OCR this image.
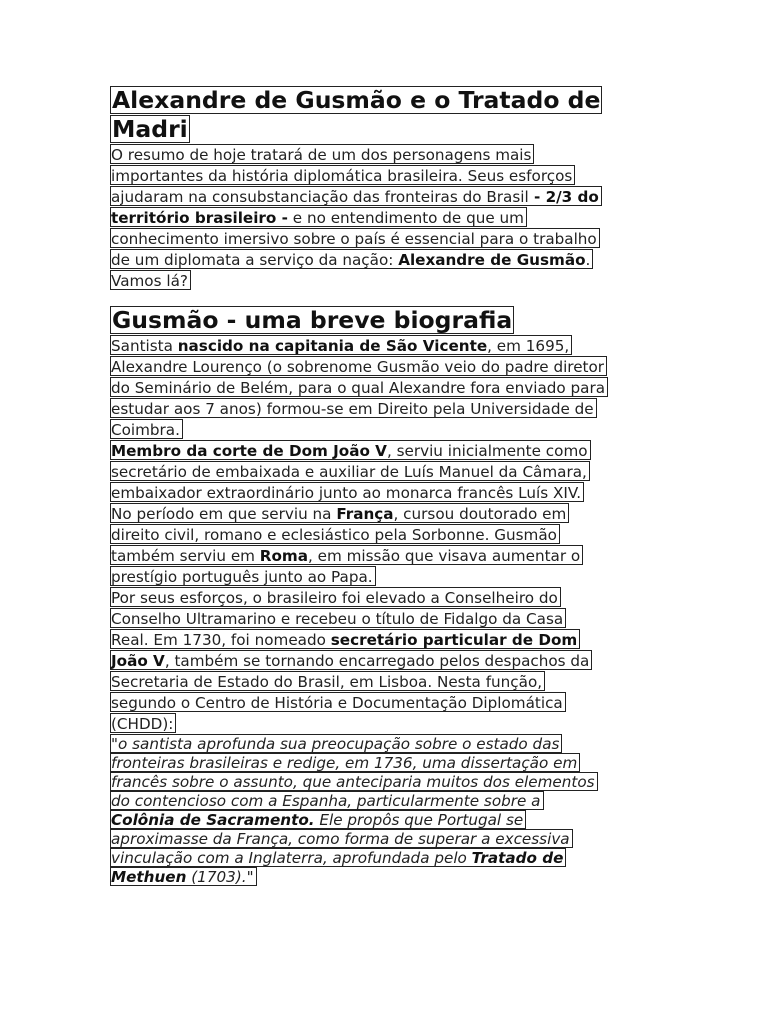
Alexandre de Gusmão e o Tratado de
Madri
O resumo de hoje tratará de um dos personagens mais
importantes da história diplomática brasileira. Seus esforços
ajudaram na consubstanciação das fronteiras do Brasil - 2/3 do
território brasileiro - e no entendimento de que um
conhecimento imersivo sobre o país é essencial para o trabalho
de um diplomata a serviço da nação: Alexandre de Gusmão.
Vamos lá?
Gusmão - uma breve biografia
Santista nascido na capitania de São Vicente, em 1695,
Alexandre Lourenço (o sobrenome Gusmão veio do padre diretor
do Seminário de Belém, para o qual Alexandre fora enviado para
estudar aos 7 anos) formou-se em Direito pela Universidade de
Coimbra.
Membro da corte de Dom João V, serviu inicialmente como
secretário de embaixada e auxiliar de Luís Manuel da Câmara,
embaixador extraordinário junto ao monarca francês Luís XIV.
No período em que serviu na França, cursou doutorado em
direito civil, romano e eclesiástico pela Sorbonne. Gusmão
também serviu em Roma, em missão que visava aumentar o
prestígio português junto ao Papa.
Por seus esforços, o brasileiro foi elevado a Conselheiro do
Conselho Ultramarino e recebeu o título de Fidalgo da Casa
Real. Em 1730, foi nomeado secretário particular de Dom
João V, também se tornando encarregado pelos despachos da
Secretaria de Estado do Brasil, em Lisboa. Nesta função,
segundo o Centro de História e Documentação Diplomática
(CHDD):
"o santista aprofunda sua preocupação sobre o estado das
fronteiras brasileiras e redige, em 1736, uma dissertação em
francês sobre o assunto, que anteciparia muitos dos elementos
do contencioso com a Espanha, particularmente sobre a
Colônia de Sacramento. Ele propôs que Portugal se
aproximasse da França, como forma de superar a excessiva
vinculação com a Inglaterra, aprofundada pelo Tratado de
Methuen (1703)."
